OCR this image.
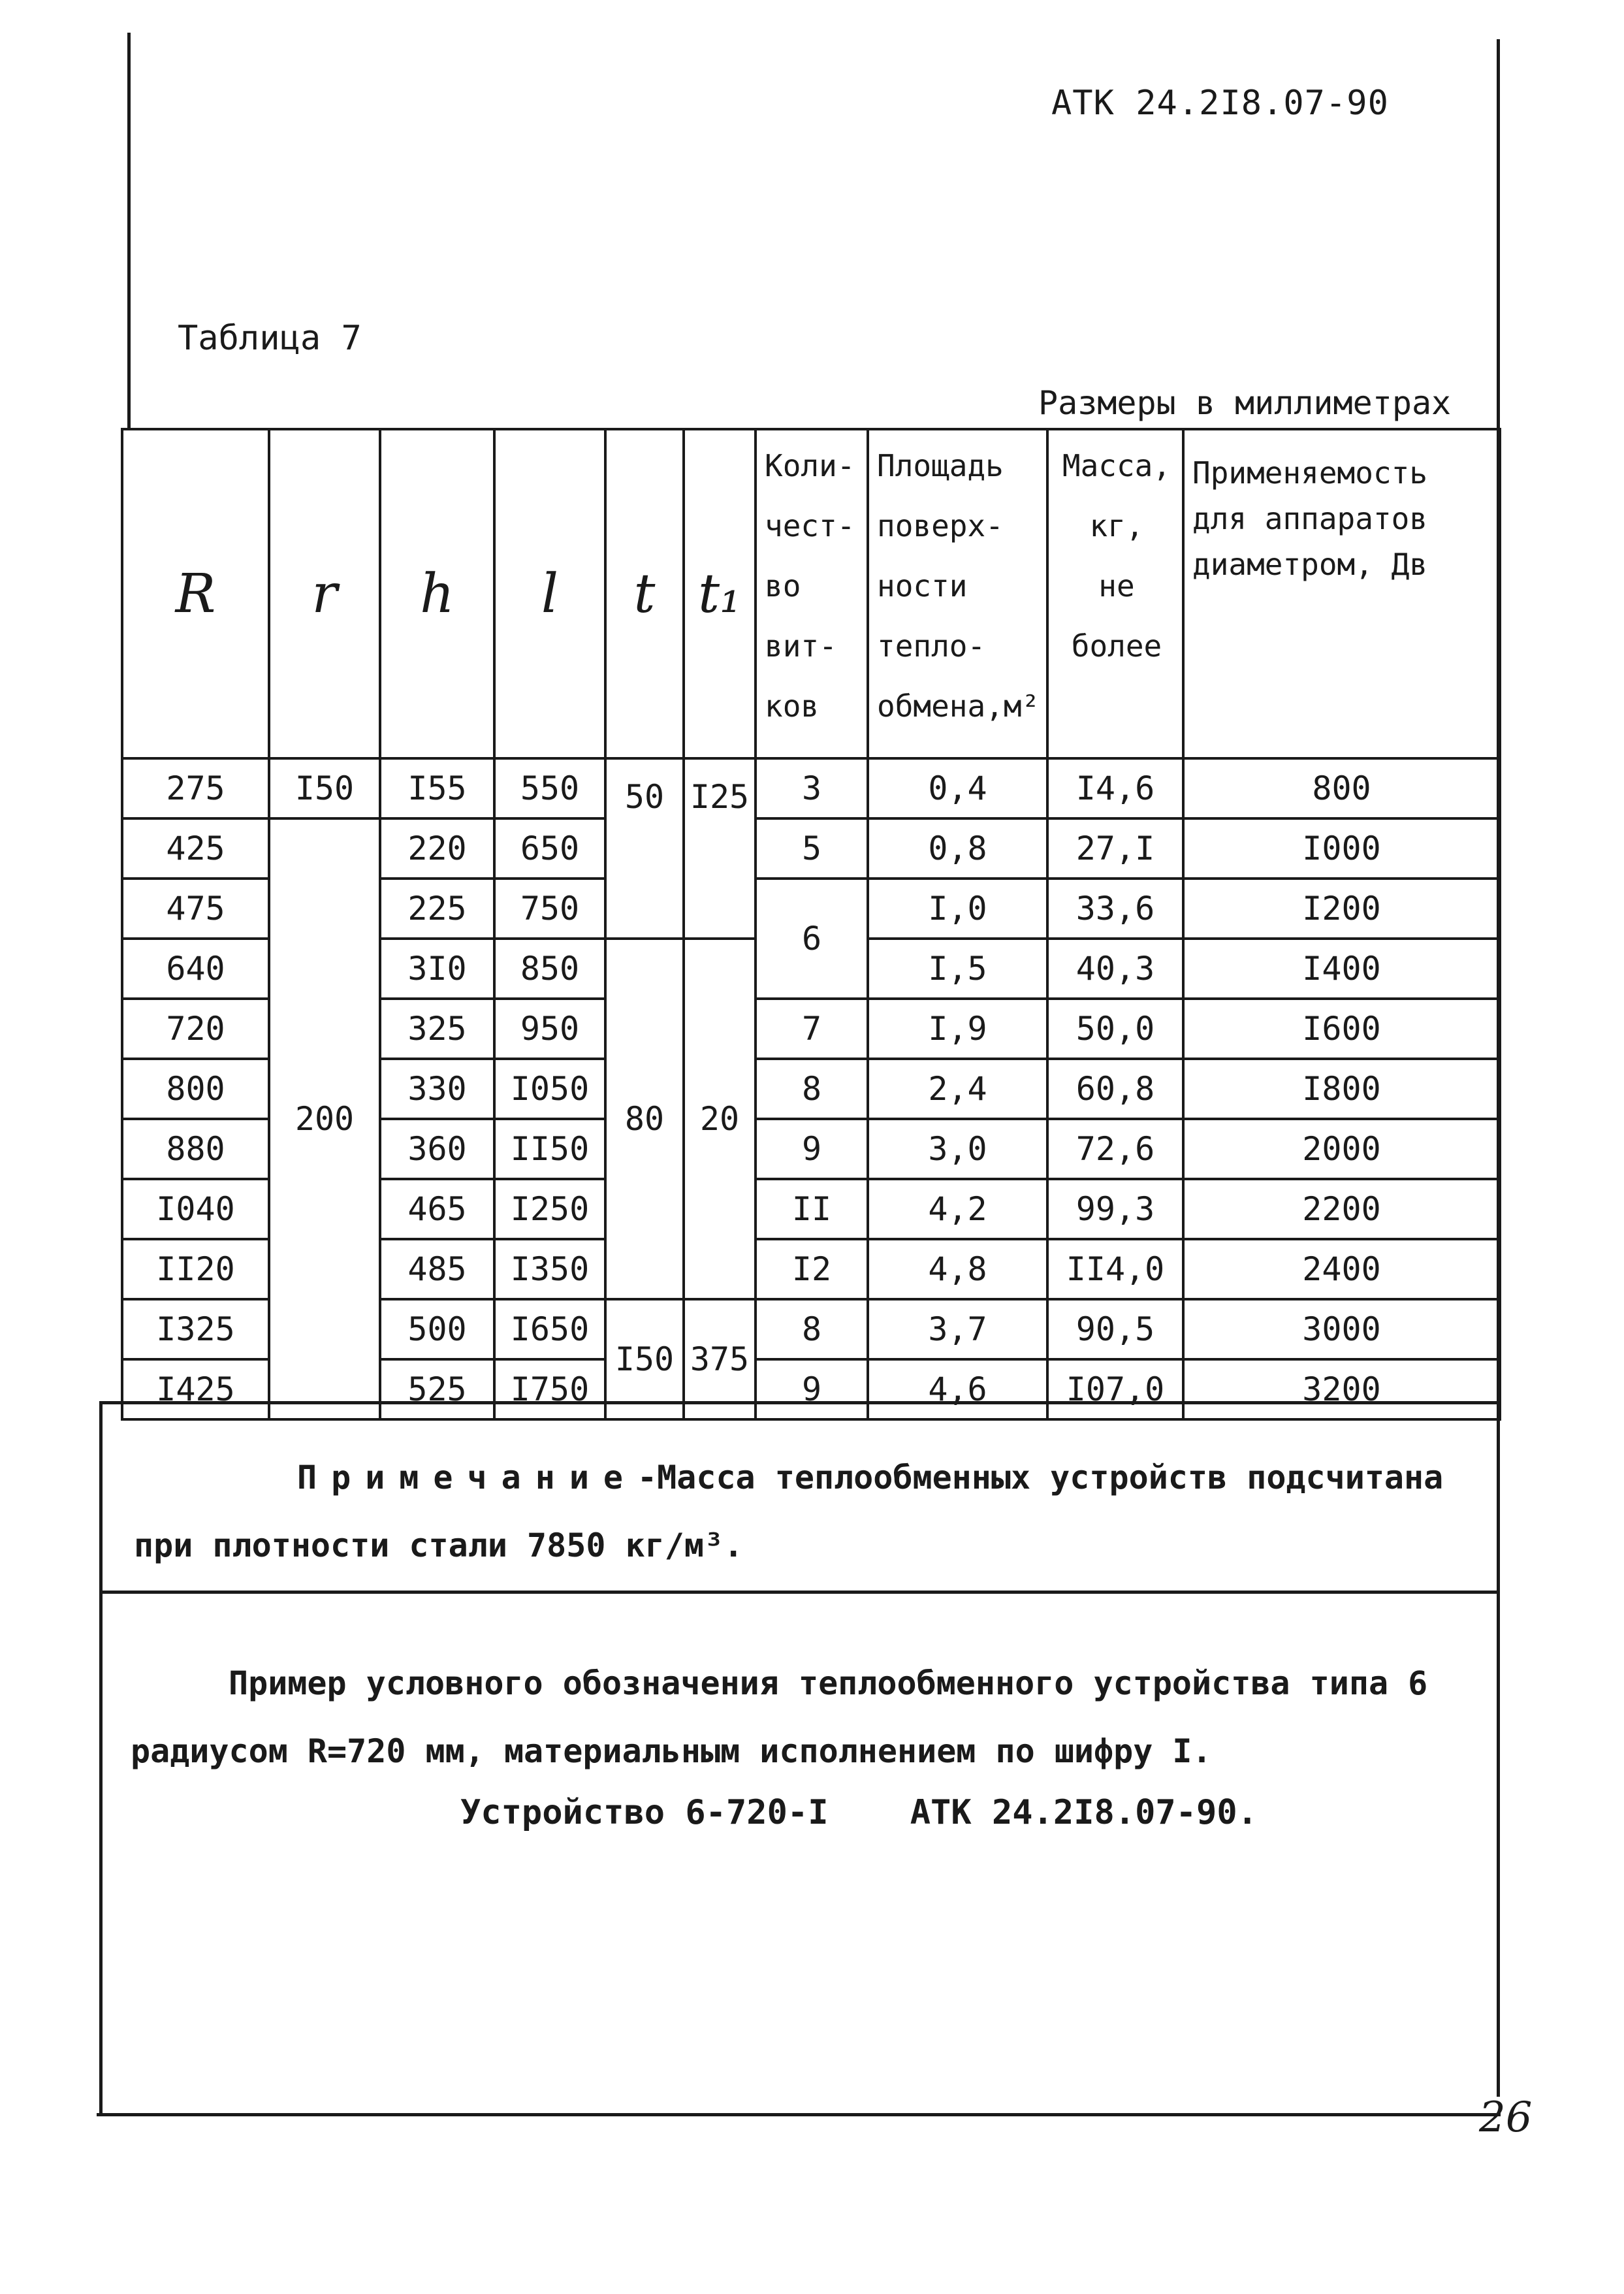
АТК 24.2I8.07-90
Таблица 7
Размеры в миллиметрах
R	r	h	l	t	t₁	Коли-
чест-
во
вит-
ков	Площадь
поверх-
ности
тепло-
обмена,м²	Масса,
кг,
не
более	Применяемость
для аппаратов
диаметром, Дв
275	I50	I55	550	50	I25	3	0,4	I4,6	800
425	200	220	650			5	0,8	27,I	I000
475		225	750			6	I,0	33,6	I200
640		3I0	850	80	20		I,5	40,3	I400
720		325	950			7	I,9	50,0	I600
800		330	I050			8	2,4	60,8	I800
880		360	II50			9	3,0	72,6	2000
I040		465	I250			II	4,2	99,3	2200
II20		485	I350			I2	4,8	II4,0	2400
I325		500	I650	I50	375	8	3,7	90,5	3000
I425		525	I750			9	4,6	I07,0	3200
Примечание-Масса теплообменных устройств подсчитана при плотности стали 7850 кг/м³.
Пример условного обозначения теплообменного устройства типа 6 радиусом R=720 мм, материальным исполнением по шифру I.
Устройство 6-720-I    АТК 24.2I8.07-90.
26
